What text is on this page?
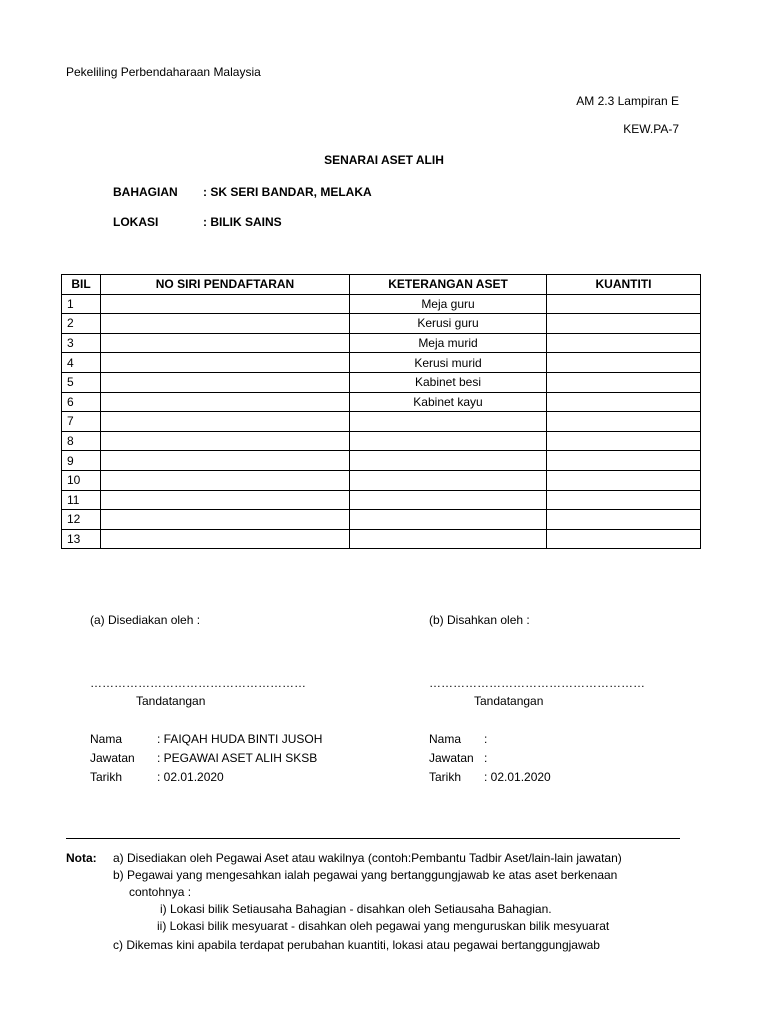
Pekeliling Perbendaharaan Malaysia
AM 2.3 Lampiran E
KEW.PA-7
SENARAI ASET ALIH
BAHAGIAN : SK SERI BANDAR, MELAKA
LOKASI	: BILIK SAINS
BIL	NO SIRI PENDAFTARAN	KETERANGAN ASET	KUANTITI
1		Meja guru	
2		Kerusi guru	
3		Meja murid	
4		Kerusi murid	
5		Kabinet besi	
6		Kabinet kayu	
7			
8			
9			
10			
11			
12			
13			
(a) Disediakan oleh :
………………………………………………
Tandatangan
Nama	: FAIQAH HUDA BINTI JUSOH
Jawatan : PEGAWAI ASET ALIH SKSB
Tarikh	: 02.01.2020
(b) Disahkan oleh :
………………………………………………
Tandatangan
Nama :
Jawatan :
Tarikh : 02.01.2020
Nota: a) Disediakan oleh Pegawai Aset atau wakilnya (contoh:Pembantu Tadbir Aset/lain-lain jawatan)
b) Pegawai yang mengesahkan ialah pegawai yang bertanggungjawab ke atas aset berkenaan
contohnya :
i) Lokasi bilik Setiausaha Bahagian - disahkan oleh Setiausaha Bahagian.
ii) Lokasi bilik mesyuarat - disahkan oleh pegawai yang menguruskan bilik mesyuarat
c) Dikemas kini apabila terdapat perubahan kuantiti, lokasi atau pegawai bertanggungjawab
